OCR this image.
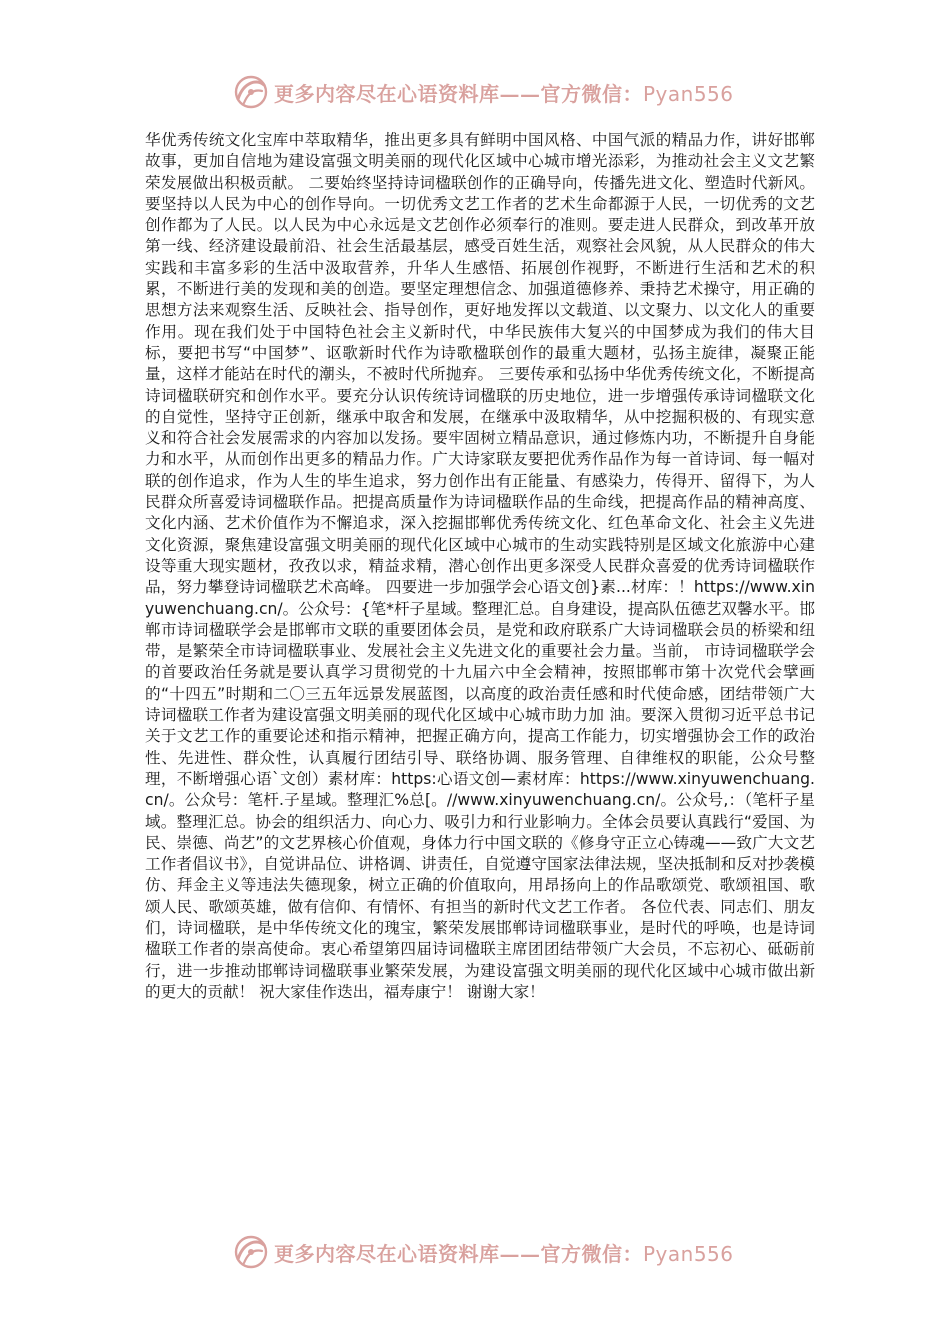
更多内容尽在心语资料库——官方微信：Pyan556

华优秀传统文化宝库中萃取精华，推出更多具有鲜明中国风格、中国气派的精品力作，讲好邯郸故事，更加自信地为建设富强文明美丽的现代化区域中心城市增光添彩，为推动社会主义文艺繁荣发展做出积极贡献。 二要始终坚持诗词楹联创作的正确导向，传播先进文化、塑造时代新风。要坚持以人民为中心的创作导向。一切优秀文艺工作者的艺术生命都源于人民，一切优秀的文艺创作都为了人民。以人民为中心永远是文艺创作必须奉行的准则。要走进人民群众，到改革开放第一线、经济建设最前沿、社会生活最基层，感受百姓生活，观察社会风貌，从人民群众的伟大实践和丰富多彩的生活中汲取营养，升华人生感悟、拓展创作视野，不断进行生活和艺术的积累，不断进行美的发现和美的创造。要坚定理想信念、加强道德修养、秉持艺术操守，用正确的思想方法来观察生活、反映社会、指导创作，更好地发挥以文载道、以文聚力、以文化人的重要作用。现在我们处于中国特色社会主义新时代，中华民族伟大复兴的中国梦成为我们的伟大目标，要把书写“中国梦”、讴歌新时代作为诗歌楹联创作的最重大题材，弘扬主旋律，凝聚正能量，这样才能站在时代的潮头，不被时代所抛弃。 三要传承和弘扬中华优秀传统文化，不断提高诗词楹联研究和创作水平。要充分认识传统诗词楹联的历史地位，进一步增强传承诗词楹联文化的自觉性，坚持守正创新，继承中取舍和发展，在继承中汲取精华，从中挖掘积极的、有现实意义和符合社会发展需求的内容加以发扬。要牢固树立精品意识，通过修炼内功，不断提升自身能力和水平，从而创作出更多的精品力作。广大诗家联友要把优秀作品作为每一首诗词、每一幅对联的创作追求，作为人生的毕生追求，努力创作出有正能量、有感染力，传得开、留得下，为人民群众所喜爱诗词楹联作品。把提高质量作为诗词楹联作品的生命线，把提高作品的精神高度、文化内涵、艺术价值作为不懈追求，深入挖掘邯郸优秀传统文化、红色革命文化、社会主义先进文化资源，聚焦建设富强文明美丽的现代化区域中心城市的生动实践特别是区域文化旅游中心建设等重大现实题材，孜孜以求，精益求精，潜心创作出更多深受人民群众喜爱的优秀诗词楹联作品，努力攀登诗词楹联艺术高峰。 四要进一步加强学会心语文创}素...材库：！https://www.xinyuwenchuang.cn/。公众号：{笔*杆子星域。整理汇总。自身建设，提高队伍德艺双馨水平。邯郸市诗词楹联学会是邯郸市文联的重要团体会员，是党和政府联系广大诗词楹联会员的桥梁和纽带，是繁荣全市诗词楹联事业、发展社会主义先进文化的重要社会力量。当前， 市诗词楹联学会的首要政治任务就是要认真学习贯彻党的十九届六中全会精神，按照邯郸市第十次党代会擘画的“十四五”时期和二〇三五年远景发展蓝图，以高度的政治责任感和时代使命感，团结带领广大诗词楹联工作者为建设富强文明美丽的现代化区域中心城市助力加 油。要深入贯彻习近平总书记关于文艺工作的重要论述和指示精神，把握正确方向，提高工作能力，切实增强协会工作的政治性、先进性、群众性，认真履行团结引导、联络协调、服务管理、自律维权的职能，公众号整理，不断增强心语`文创）素材库：https:心语文创—素材库：https://www.xinyuwenchuang.cn/。公众号：笔杆.子星域。整理汇%总[。//www.xinyuwenchuang.cn/。公众号,：（笔杆子星域。整理汇总。协会的组织活力、向心力、吸引力和行业影响力。全体会员要认真践行“爱国、为民、崇德、尚艺”的文艺界核心价值观，身体力行中国文联的《修身守正立心铸魂——致广大文艺工作者倡议书》，自觉讲品位、讲格调、讲责任，自觉遵守国家法律法规，坚决抵制和反对抄袭模仿、拜金主义等违法失德现象，树立正确的价值取向，用昂扬向上的作品歌颂党、歌颂祖国、歌颂人民、歌颂英雄，做有信仰、有情怀、有担当的新时代文艺工作者。 各位代表、同志们、朋友们，诗词楹联，是中华传统文化的瑰宝，繁荣发展邯郸诗词楹联事业，是时代的呼唤，也是诗词楹联工作者的崇高使命。衷心希望第四届诗词楹联主席团团结带领广大会员，不忘初心、砥砺前行，进一步推动邯郸诗词楹联事业繁荣发展，为建设富强文明美丽的现代化区域中心城市做出新的更大的贡献！ 祝大家佳作迭出，福寿康宁！ 谢谢大家！

更多内容尽在心语资料库——官方微信：Pyan556
